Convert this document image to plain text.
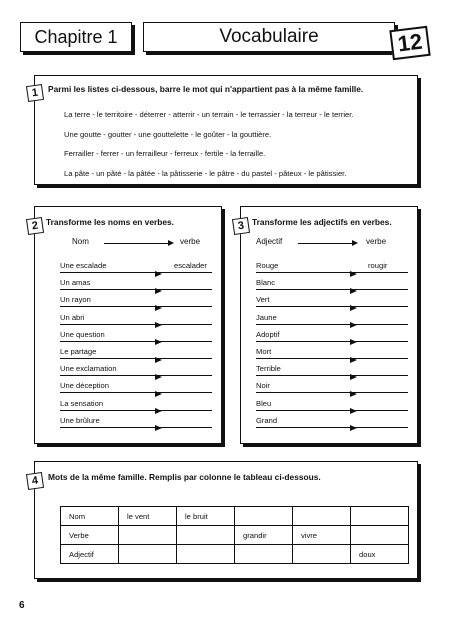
Chapitre 1	Vocabulaire	12
1	Parmi les listes ci-dessous, barre le mot qui n'appartient pas à la même famille.
La terre - le territoire - déterrer - atterrir - un terrain - le terrassier - la terreur - le terrier.
Une goutte - goutter - une gouttelette - le goûter - la gouttière.
Ferrailler - ferrer - un ferrailleur - ferreux - fertile - la ferraille.
La pâte - un pâté - la pâtée - la pâtisserie - le pâtre - du pastel - pâteux - le pâtissier.
2 Transforme les noms en verbes.
Nom	verbe
Une escalade	escalader
Un amas
Un rayon
Un abri
Une question
Le partage
Une exclamation
Une déception
La sensation
Une brûlure
3 Transforme les adjectifs en verbes.
Adjectif	verbe
Rouge	rougir
Blanc
Vert
Jaune
Adoptif
Mort
Terrible
Noir
Bleu
Grand
4	Mots de la même famille. Remplis par colonne le tableau ci-dessous.
Nom	le vent	le bruit			
Verbe			grandir	vivre	
Adjectif					doux
6
